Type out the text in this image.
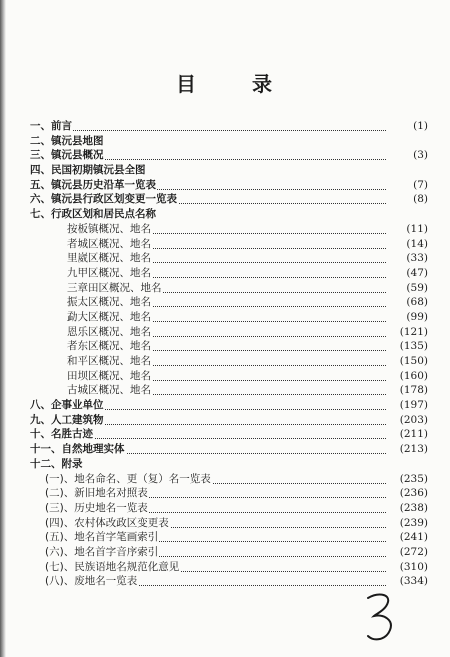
目	录
一、前言	(1)
二、镇沅县地图
三、镇沅县概况	(3)
四、民国初期镇沅县全图
五、镇沅县历史沿革一览表	(7)
六、镇沅县行政区划变更一览表	(8)
七、行政区划和居民点名称
按板镇概况、地名	(11)
者城区概况、地名	(14)
里崴区概况、地名	(33)
九甲区概况、地名	(47)
三章田区概况、地名	(59)
振太区概况、地名	(68)
勐大区概况、地名	(99)
恩乐区概况、地名	(121)
者东区概况、地名	(135)
和平区概况、地名	(150)
田坝区概况、地名	(160)
古城区概况、地名	(178)
八、企事业单位	(197)
九、人工建筑物	(203)
十、名胜古迹	(211)
十一、自然地理实体	(213)
十二、附录
(一)、地名命名、更（复）名一览表	(235)
(二)、新旧地名对照表	(236)
(三)、历史地名一览表	(238)
(四)、农村体改政区变更表	(239)
(五)、地名首字笔画索引	(241)
(六)、地名首字音序索引	(272)
(七)、民族语地名规范化意见	(310)
(八)、废地名一览表	(334)
